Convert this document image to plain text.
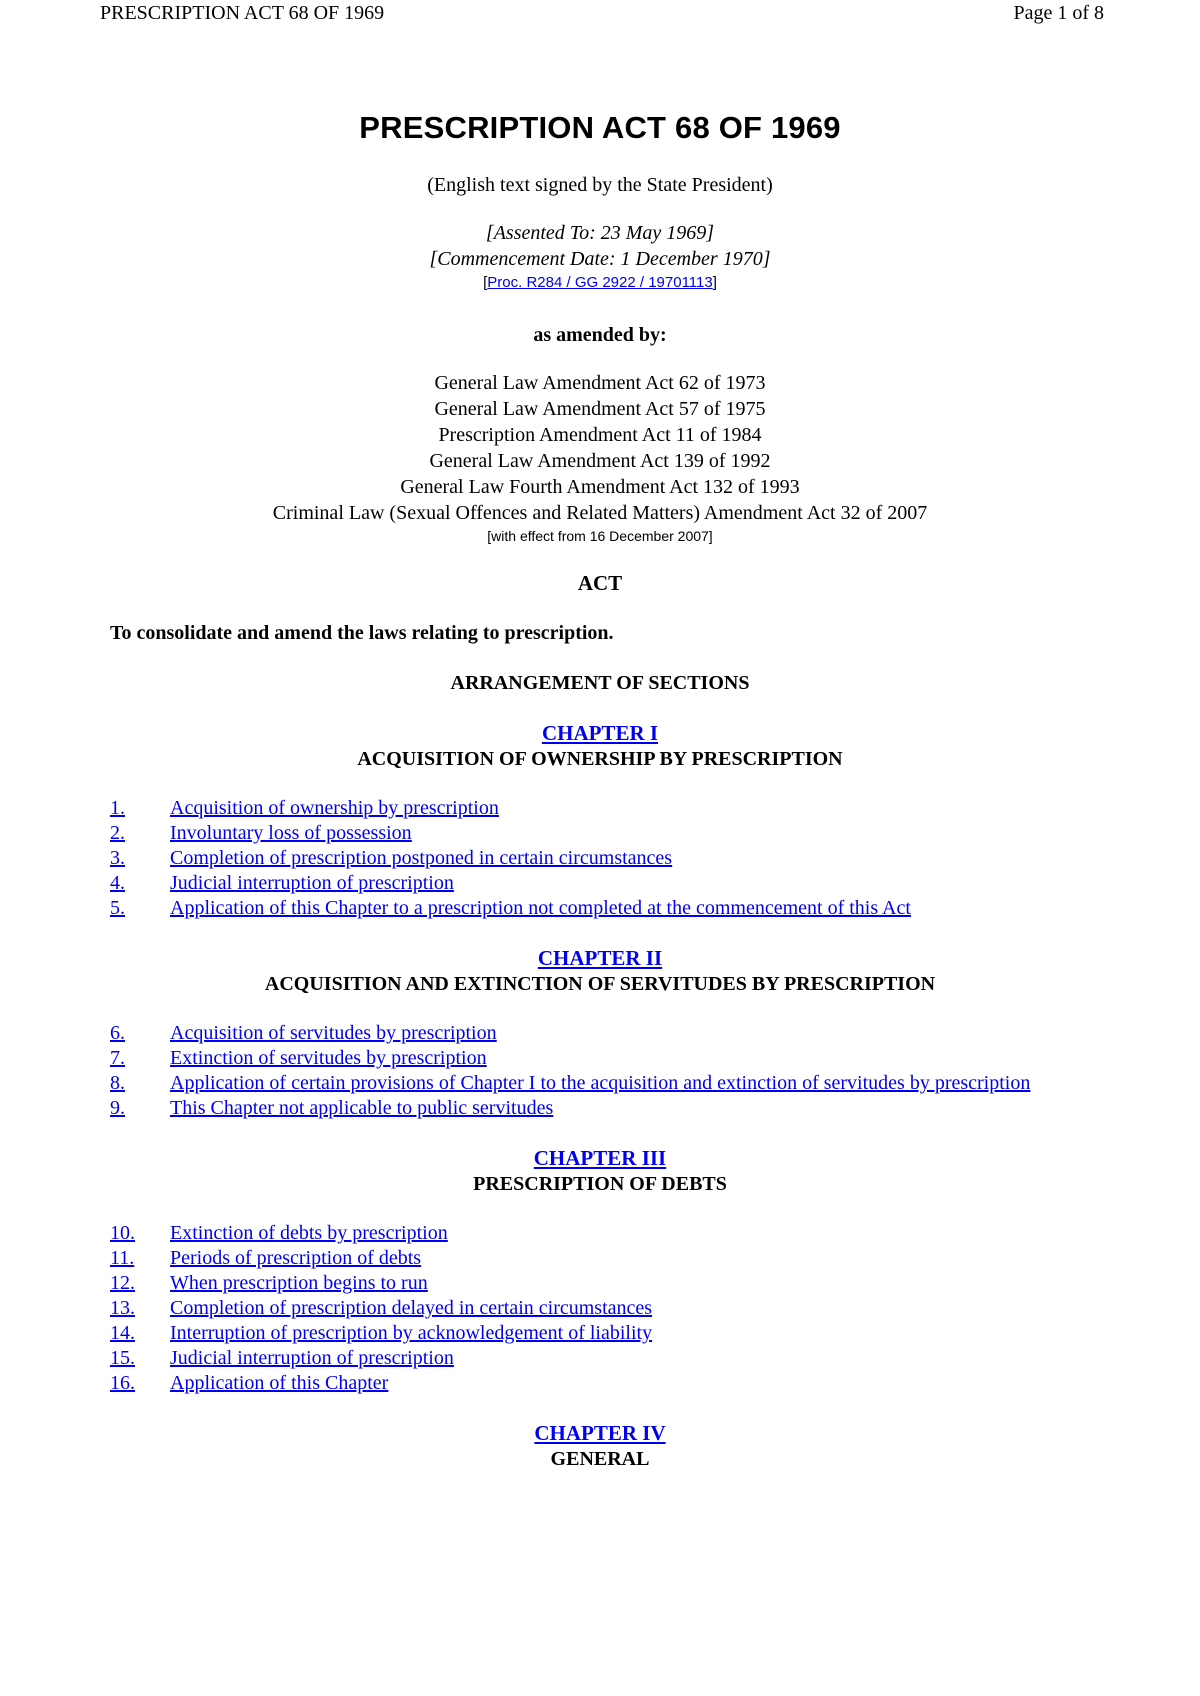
PRESCRIPTION ACT 68 OF 1969	Page 1 of 8
PRESCRIPTION ACT 68 OF 1969
(English text signed by the State President)
[Assented To: 23 May 1969]
[Commencement Date: 1 December 1970]
[Proc. R284 / GG 2922 / 19701113]
as amended by:
General Law Amendment Act 62 of 1973
General Law Amendment Act 57 of 1975
Prescription Amendment Act 11 of 1984
General Law Amendment Act 139 of 1992
General Law Fourth Amendment Act 132 of 1993
Criminal Law (Sexual Offences and Related Matters) Amendment Act 32 of 2007
[with effect from 16 December 2007]
ACT
To consolidate and amend the laws relating to prescription.
ARRANGEMENT OF SECTIONS
CHAPTER I
ACQUISITION OF OWNERSHIP BY PRESCRIPTION
1.	Acquisition of ownership by prescription
2.	Involuntary loss of possession
3.	Completion of prescription postponed in certain circumstances
4.	Judicial interruption of prescription
5.	Application of this Chapter to a prescription not completed at the commencement of this Act
CHAPTER II
ACQUISITION AND EXTINCTION OF SERVITUDES BY PRESCRIPTION
6.	Acquisition of servitudes by prescription
7.	Extinction of servitudes by prescription
8.	Application of certain provisions of Chapter I to the acquisition and extinction of servitudes by prescription
9.	This Chapter not applicable to public servitudes
CHAPTER III
PRESCRIPTION OF DEBTS
10.	Extinction of debts by prescription
11.	Periods of prescription of debts
12.	When prescription begins to run
13.	Completion of prescription delayed in certain circumstances
14.	Interruption of prescription by acknowledgement of liability
15.	Judicial interruption of prescription
16.	Application of this Chapter
CHAPTER IV
GENERAL
